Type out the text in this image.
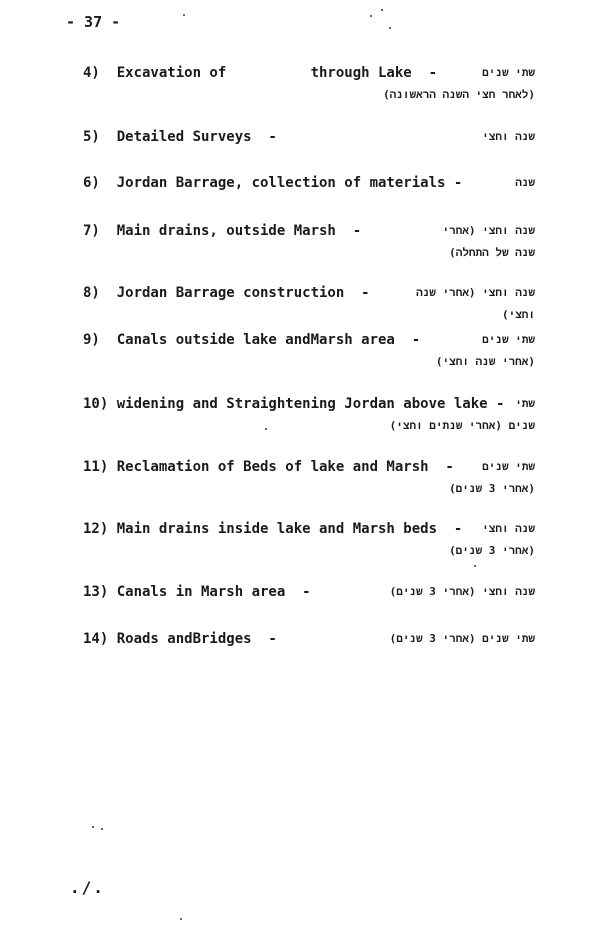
- 37 -
4)  Excavation of          through Lake  -	שתי שנים
(לאחר חצי השנה הראשונה)
5)  Detailed Surveys  -	שנה וחצי
6)  Jordan Barrage, collection of materials -	שנה
7)  Main drains, outside Marsh  -	שנה וחצי (אחרי
שנה של התחלה)
8)  Jordan Barrage construction  -	שנה וחצי (אחרי שנה
וחצי)
9)  Canals outside lake andMarsh area  -	שתי שנים
(אחרי שנה וחצי)
10) widening and Straightening Jordan above lake - שתי
שנים (אחרי שנתים וחצי)
11) Reclamation of Beds of lake and Marsh  -	שתי שנים
(אחרי 3 שנים)
12) Main drains inside lake and Marsh beds  - שנה וחצי
(אחרי 3 שנים)
13) Canals in Marsh area  -	שנה וחצי (אחרי 3 שנים)
14) Roads andBridges  -	שתי שנים (אחרי 3 שנים)
./.
